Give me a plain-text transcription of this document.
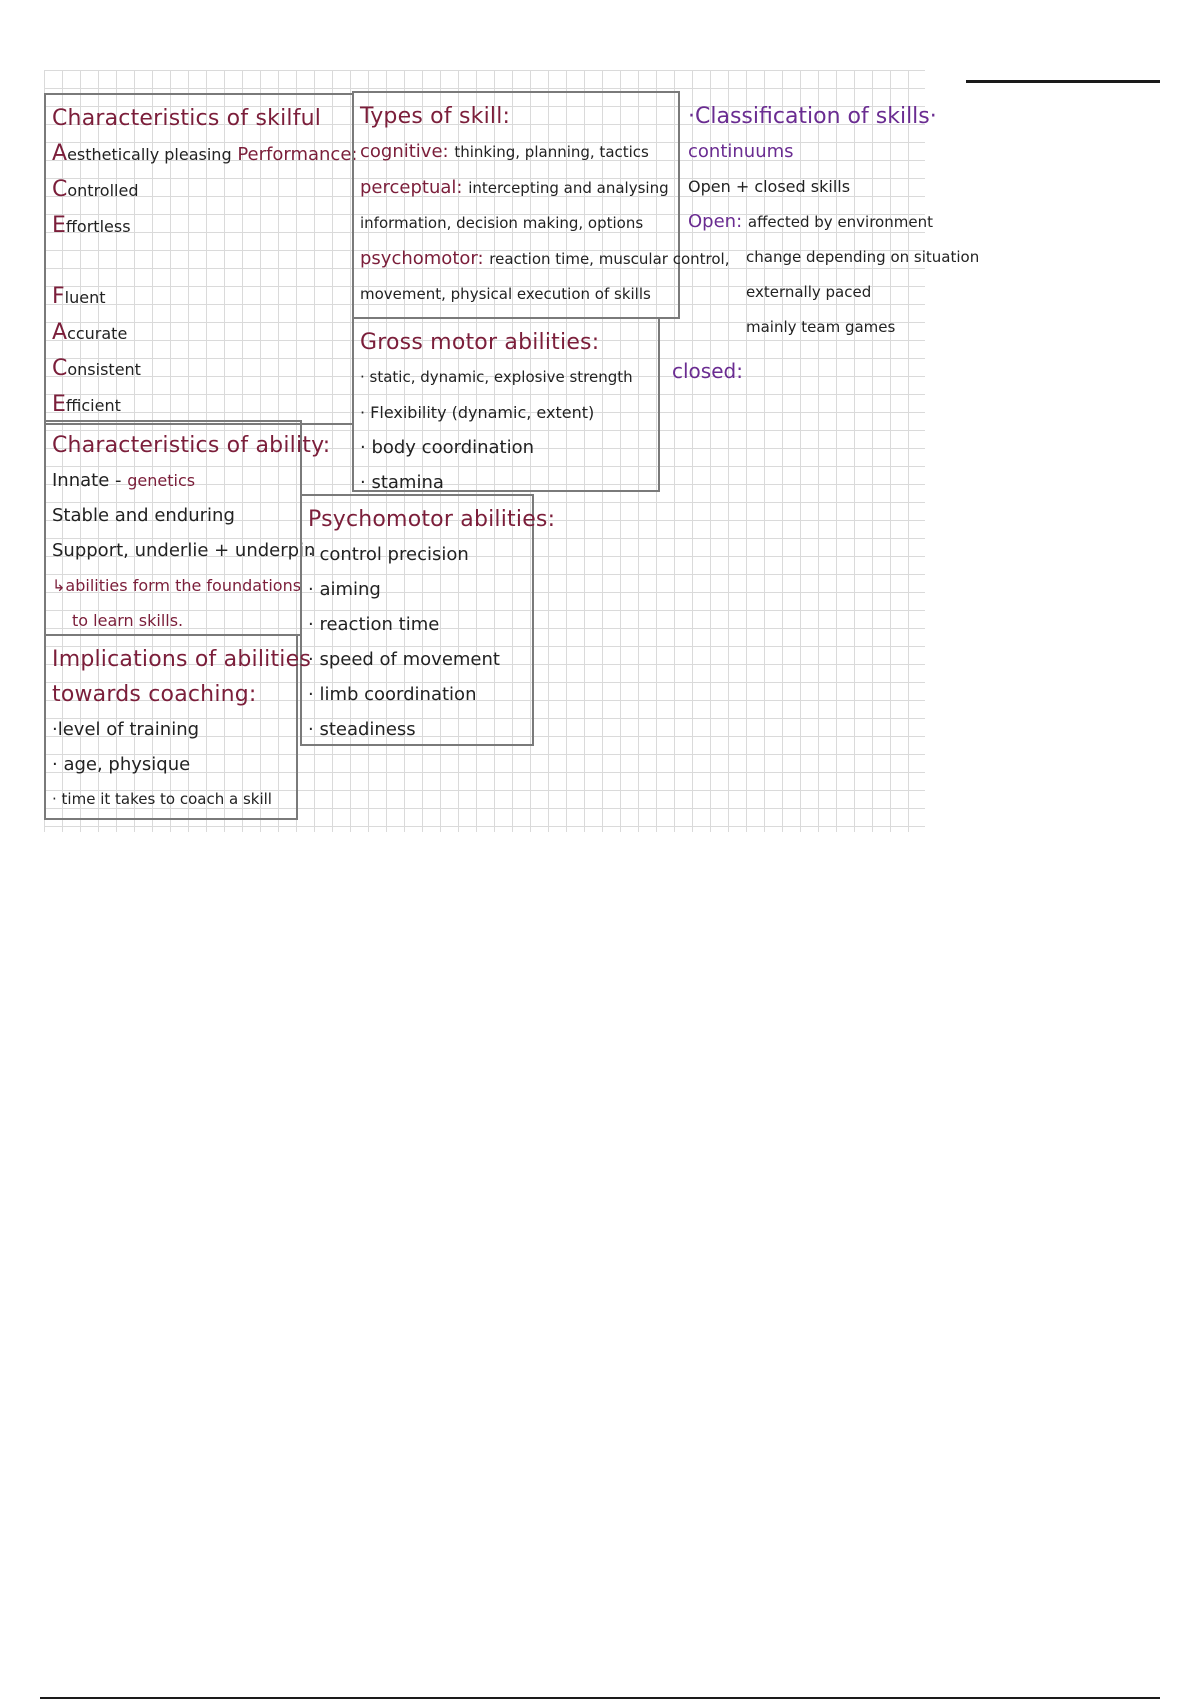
Characteristics of skilful
Aesthetically pleasing Performance:
Controlled
Effortless

Fluent
Accurate
Consistent
Efficient
Types of skill:
cognitive: thinking, planning, tactics
perceptual: intercepting and analysing
information, decision making, options
psychomotor: reaction time, muscular control,
movement, physical execution of skills
·Classification of skills·
continuums
Open + closed skills
Open: affected by environment
change depending on situation
externally paced
mainly team games
Gross motor abilities:
· static, dynamic, explosive strength
· Flexibility (dynamic, extent)
· body coordination
· stamina
closed:
Characteristics of ability:
Innate - genetics
Stable and enduring
Support, underlie + underpin
↳abilities form the foundations
to learn skills.
Psychomotor abilities:
· control precision
· aiming
· reaction time
· speed of movement
· limb coordination
· steadiness
Implications of abilities
towards coaching:
·level of training
· age, physique
· time it takes to coach a skill
